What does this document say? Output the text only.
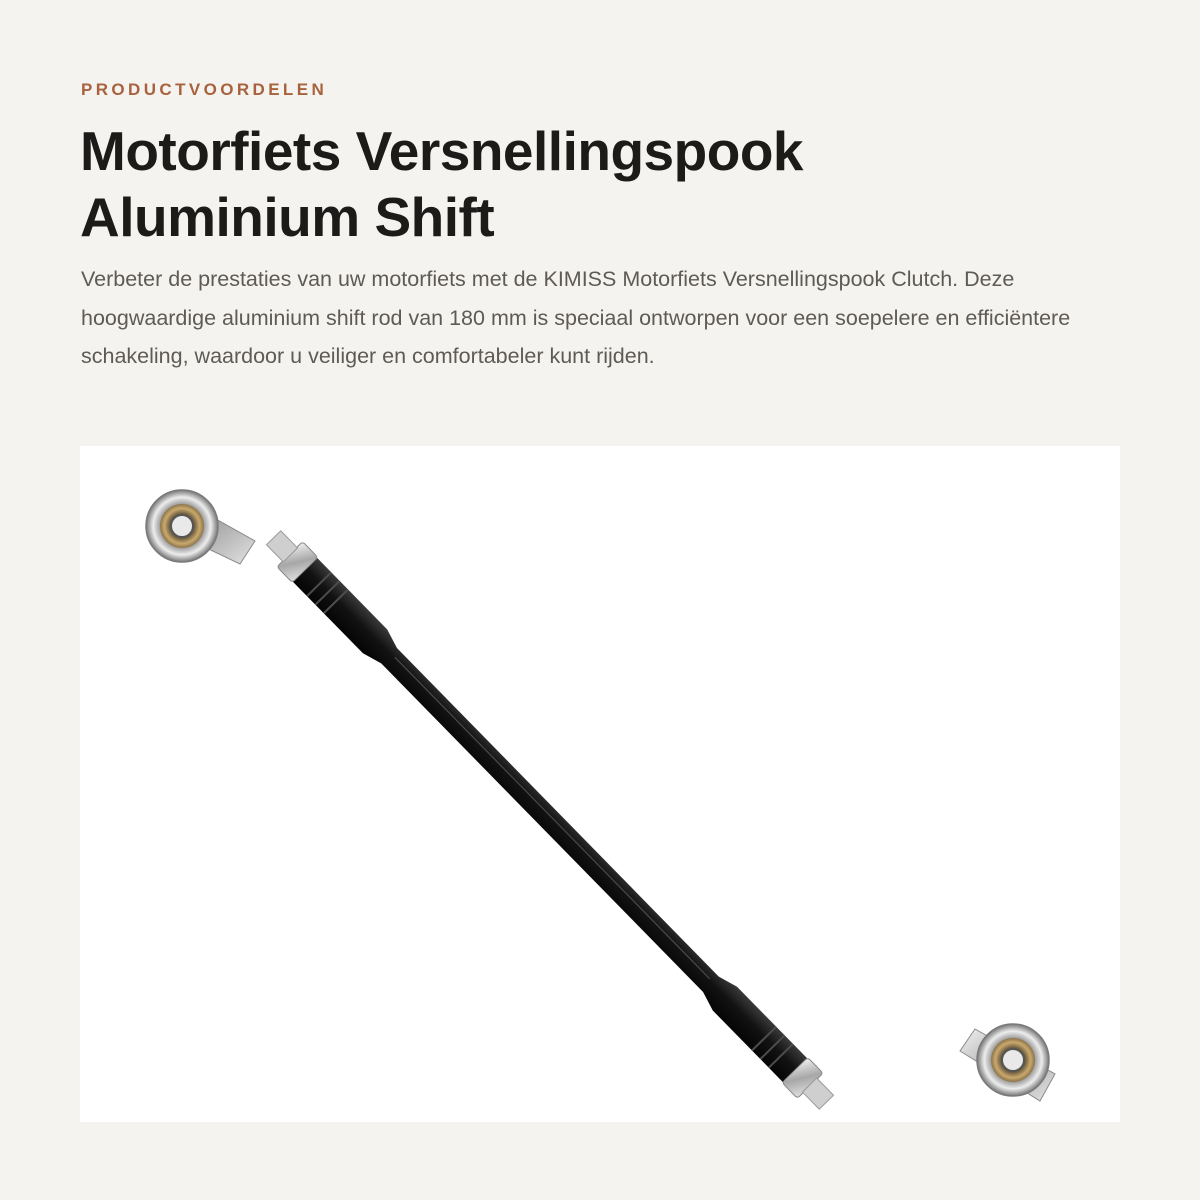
PRODUCTVOORDELEN

Motorfiets Versnellingspook Aluminium Shift

Verbeter de prestaties van uw motorfiets met de KIMISS Motorfiets Versnellingspook Clutch. Deze hoogwaardige aluminium shift rod van 180 mm is speciaal ontworpen voor een soepelere en efficiëntere schakeling, waardoor u veiliger en comfortabeler kunt rijden.
